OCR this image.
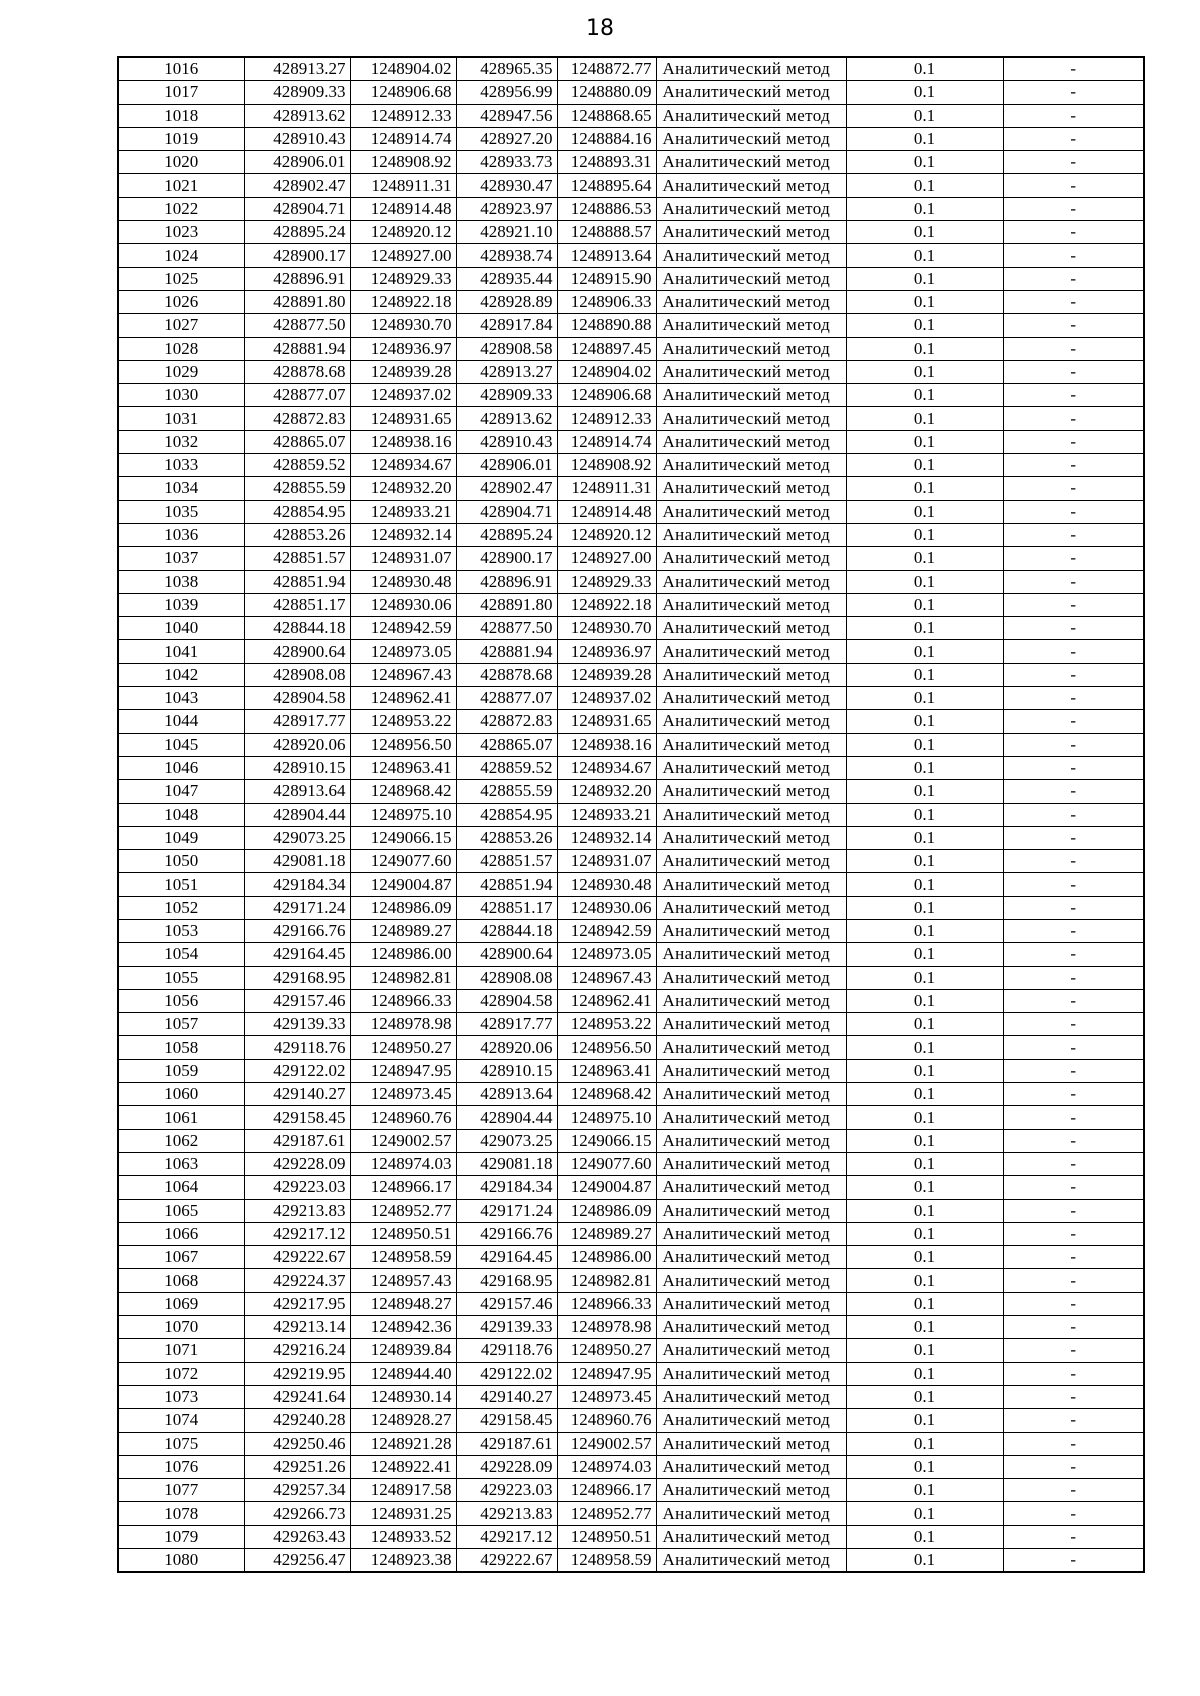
18
1016	428913.27	1248904.02	428965.35	1248872.77	Аналитический метод	0.1	-
1017	428909.33	1248906.68	428956.99	1248880.09	Аналитический метод	0.1	-
1018	428913.62	1248912.33	428947.56	1248868.65	Аналитический метод	0.1	-
1019	428910.43	1248914.74	428927.20	1248884.16	Аналитический метод	0.1	-
1020	428906.01	1248908.92	428933.73	1248893.31	Аналитический метод	0.1	-
1021	428902.47	1248911.31	428930.47	1248895.64	Аналитический метод	0.1	-
1022	428904.71	1248914.48	428923.97	1248886.53	Аналитический метод	0.1	-
1023	428895.24	1248920.12	428921.10	1248888.57	Аналитический метод	0.1	-
1024	428900.17	1248927.00	428938.74	1248913.64	Аналитический метод	0.1	-
1025	428896.91	1248929.33	428935.44	1248915.90	Аналитический метод	0.1	-
1026	428891.80	1248922.18	428928.89	1248906.33	Аналитический метод	0.1	-
1027	428877.50	1248930.70	428917.84	1248890.88	Аналитический метод	0.1	-
1028	428881.94	1248936.97	428908.58	1248897.45	Аналитический метод	0.1	-
1029	428878.68	1248939.28	428913.27	1248904.02	Аналитический метод	0.1	-
1030	428877.07	1248937.02	428909.33	1248906.68	Аналитический метод	0.1	-
1031	428872.83	1248931.65	428913.62	1248912.33	Аналитический метод	0.1	-
1032	428865.07	1248938.16	428910.43	1248914.74	Аналитический метод	0.1	-
1033	428859.52	1248934.67	428906.01	1248908.92	Аналитический метод	0.1	-
1034	428855.59	1248932.20	428902.47	1248911.31	Аналитический метод	0.1	-
1035	428854.95	1248933.21	428904.71	1248914.48	Аналитический метод	0.1	-
1036	428853.26	1248932.14	428895.24	1248920.12	Аналитический метод	0.1	-
1037	428851.57	1248931.07	428900.17	1248927.00	Аналитический метод	0.1	-
1038	428851.94	1248930.48	428896.91	1248929.33	Аналитический метод	0.1	-
1039	428851.17	1248930.06	428891.80	1248922.18	Аналитический метод	0.1	-
1040	428844.18	1248942.59	428877.50	1248930.70	Аналитический метод	0.1	-
1041	428900.64	1248973.05	428881.94	1248936.97	Аналитический метод	0.1	-
1042	428908.08	1248967.43	428878.68	1248939.28	Аналитический метод	0.1	-
1043	428904.58	1248962.41	428877.07	1248937.02	Аналитический метод	0.1	-
1044	428917.77	1248953.22	428872.83	1248931.65	Аналитический метод	0.1	-
1045	428920.06	1248956.50	428865.07	1248938.16	Аналитический метод	0.1	-
1046	428910.15	1248963.41	428859.52	1248934.67	Аналитический метод	0.1	-
1047	428913.64	1248968.42	428855.59	1248932.20	Аналитический метод	0.1	-
1048	428904.44	1248975.10	428854.95	1248933.21	Аналитический метод	0.1	-
1049	429073.25	1249066.15	428853.26	1248932.14	Аналитический метод	0.1	-
1050	429081.18	1249077.60	428851.57	1248931.07	Аналитический метод	0.1	-
1051	429184.34	1249004.87	428851.94	1248930.48	Аналитический метод	0.1	-
1052	429171.24	1248986.09	428851.17	1248930.06	Аналитический метод	0.1	-
1053	429166.76	1248989.27	428844.18	1248942.59	Аналитический метод	0.1	-
1054	429164.45	1248986.00	428900.64	1248973.05	Аналитический метод	0.1	-
1055	429168.95	1248982.81	428908.08	1248967.43	Аналитический метод	0.1	-
1056	429157.46	1248966.33	428904.58	1248962.41	Аналитический метод	0.1	-
1057	429139.33	1248978.98	428917.77	1248953.22	Аналитический метод	0.1	-
1058	429118.76	1248950.27	428920.06	1248956.50	Аналитический метод	0.1	-
1059	429122.02	1248947.95	428910.15	1248963.41	Аналитический метод	0.1	-
1060	429140.27	1248973.45	428913.64	1248968.42	Аналитический метод	0.1	-
1061	429158.45	1248960.76	428904.44	1248975.10	Аналитический метод	0.1	-
1062	429187.61	1249002.57	429073.25	1249066.15	Аналитический метод	0.1	-
1063	429228.09	1248974.03	429081.18	1249077.60	Аналитический метод	0.1	-
1064	429223.03	1248966.17	429184.34	1249004.87	Аналитический метод	0.1	-
1065	429213.83	1248952.77	429171.24	1248986.09	Аналитический метод	0.1	-
1066	429217.12	1248950.51	429166.76	1248989.27	Аналитический метод	0.1	-
1067	429222.67	1248958.59	429164.45	1248986.00	Аналитический метод	0.1	-
1068	429224.37	1248957.43	429168.95	1248982.81	Аналитический метод	0.1	-
1069	429217.95	1248948.27	429157.46	1248966.33	Аналитический метод	0.1	-
1070	429213.14	1248942.36	429139.33	1248978.98	Аналитический метод	0.1	-
1071	429216.24	1248939.84	429118.76	1248950.27	Аналитический метод	0.1	-
1072	429219.95	1248944.40	429122.02	1248947.95	Аналитический метод	0.1	-
1073	429241.64	1248930.14	429140.27	1248973.45	Аналитический метод	0.1	-
1074	429240.28	1248928.27	429158.45	1248960.76	Аналитический метод	0.1	-
1075	429250.46	1248921.28	429187.61	1249002.57	Аналитический метод	0.1	-
1076	429251.26	1248922.41	429228.09	1248974.03	Аналитический метод	0.1	-
1077	429257.34	1248917.58	429223.03	1248966.17	Аналитический метод	0.1	-
1078	429266.73	1248931.25	429213.83	1248952.77	Аналитический метод	0.1	-
1079	429263.43	1248933.52	429217.12	1248950.51	Аналитический метод	0.1	-
1080	429256.47	1248923.38	429222.67	1248958.59	Аналитический метод	0.1	-
